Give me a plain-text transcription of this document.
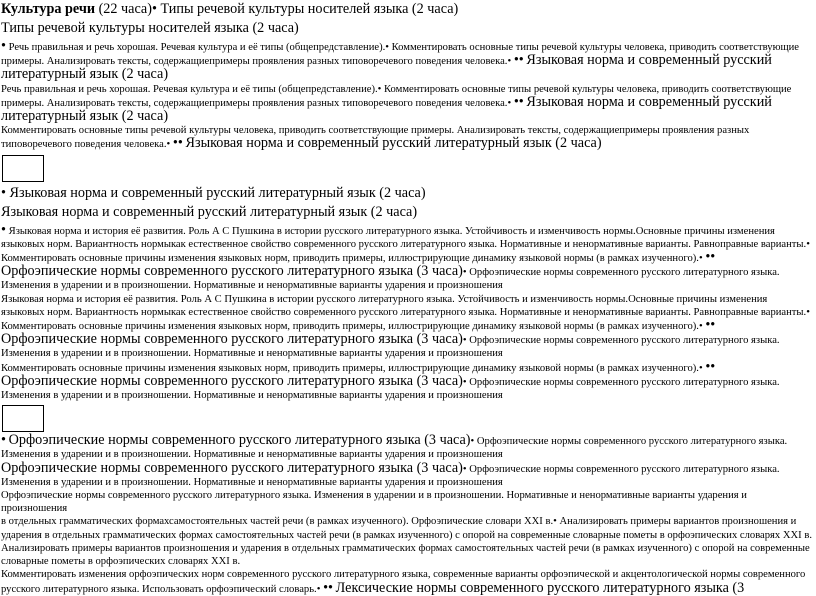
Культура речи (22 часа)• Типы речевой культуры носителей языка (2 часа)
Типы речевой культуры носителей языка (2 часа)

• Речь правильная и речь хорошая. Речевая культура и её типы (общепредставление).• Комментировать основные типы речевой культуры человека, приводить соответствующие примеры. Анализировать тексты, содержащиепримеры проявления разных типоворечевого поведения человека.• •• Языковая норма и современный русский литературный язык (2 часа)

Речь правильная и речь хорошая. Речевая культура и её типы (общепредставление).• Комментировать основные типы речевой культуры человека, приводить соответствующие примеры. Анализировать тексты, содержащиепримеры проявления разных типоворечевого поведения человека.• •• Языковая норма и современный русский литературный язык (2 часа)

Комментировать основные типы речевой культуры человека, приводить соответствующие примеры. Анализировать тексты, содержащиепримеры проявления разных типоворечевого поведения человека.• •• Языковая норма и современный русский литературный язык (2 часа)

• Языковая норма и современный русский литературный язык (2 часа)
Языковая норма и современный русский литературный язык (2 часа)

• Языковая норма и история её развития. Роль А С Пушкина в истории русского литературного языка. Устойчивость и изменчивость нормы.Основные причины изменения языковых норм. Вариантность нормыкак естественное свойство современного русского литературного языка. Нормативные и ненормативные варианты. Равноправные варианты.• Комментировать основные причины изменения языковых норм, приводить примеры, иллюстрирующие динамику языковой нормы (в рамках изученного).• •• Орфоэпические нормы современного русского литературного языка (3 часа)• Орфоэпические нормы современного русского литературного языка. Изменения в ударении и в произношении. Нормативные и ненормативные варианты ударения и произношения

Языковая норма и история её развития. Роль А С Пушкина в истории русского литературного языка. Устойчивость и изменчивость нормы.Основные причины изменения языковых норм. Вариантность нормыкак естественное свойство современного русского литературного языка. Нормативные и ненормативные варианты. Равноправные варианты.• Комментировать основные причины изменения языковых норм, приводить примеры, иллюстрирующие динамику языковой нормы (в рамках изученного).• •• Орфоэпические нормы современного русского литературного языка (3 часа)• Орфоэпические нормы современного русского литературного языка. Изменения в ударении и в произношении. Нормативные и ненормативные варианты ударения и произношения

Комментировать основные причины изменения языковых норм, приводить примеры, иллюстрирующие динамику языковой нормы (в рамках изученного).• •• Орфоэпические нормы современного русского литературного языка (3 часа)• Орфоэпические нормы современного русского литературного языка. Изменения в ударении и в произношении. Нормативные и ненормативные варианты ударения и произношения

• Орфоэпические нормы современного русского литературного языка (3 часа)• Орфоэпические нормы современного русского литературного языка. Изменения в ударении и в произношении. Нормативные и ненормативные варианты ударения и произношения

Орфоэпические нормы современного русского литературного языка (3 часа)• Орфоэпические нормы современного русского литературного языка. Изменения в ударении и в произношении. Нормативные и ненормативные варианты ударения и произношения

Орфоэпические нормы современного русского литературного языка. Изменения в ударении и в произношении. Нормативные и ненормативные варианты ударения и произношения

в отдельных грамматических формахсамостоятельных частей речи (в рамках изученного). Орфоэпические словари XXI в.• Анализировать примеры вариантов произношения и ударения в отдельных грамматических формах самостоятельных частей речи (в рамках изученного) с опорой на современные словарные пометы в орфоэпических словарях XXI в.

Анализировать примеры вариантов произношения и ударения в отдельных грамматических формах самостоятельных частей речи (в рамках изученного) с опорой на современные словарные пометы в орфоэпических словарях XXI в.

Комментировать изменения орфоэпических норм современного русского литературного языка, современные варианты орфоэпической и акцентологической нормы современного русского литературного языка. Использовать орфоэпический словарь.• •• Лексические нормы современного русского литературного языка (3
